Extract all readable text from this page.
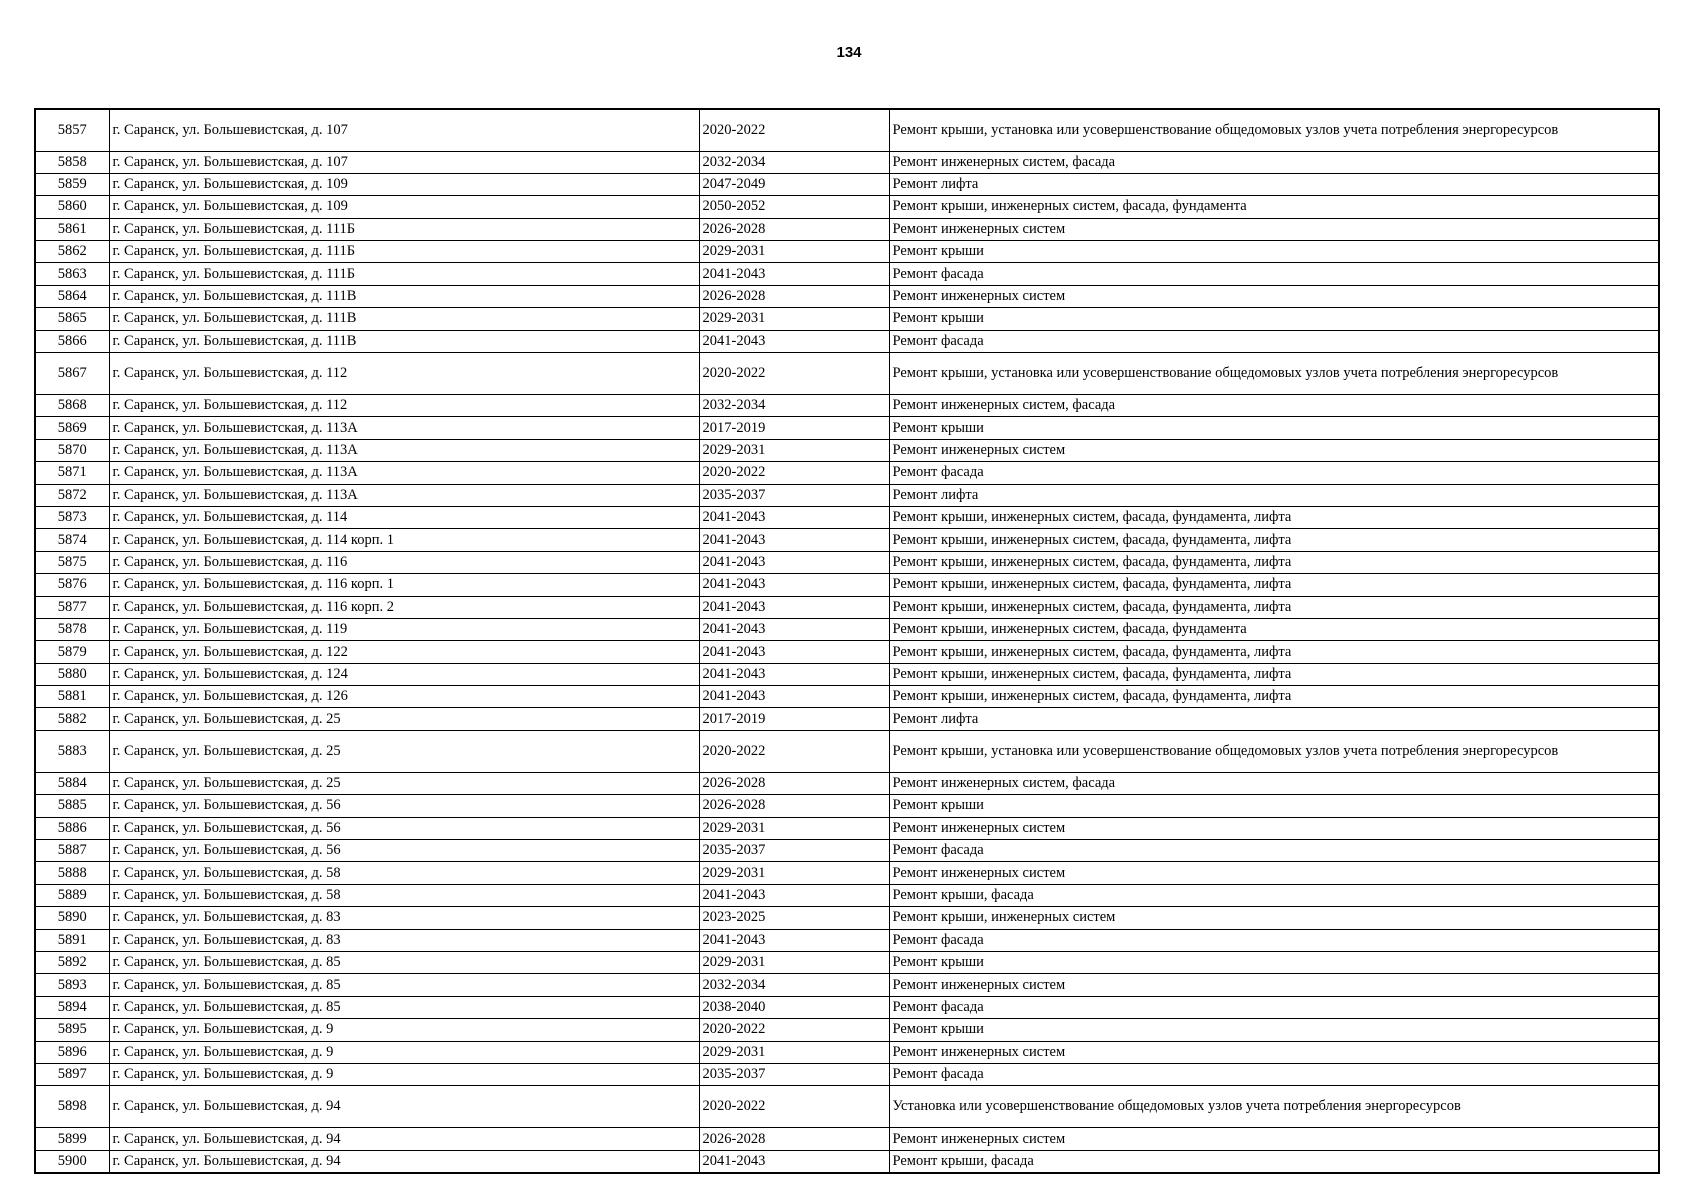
134
5857	г. Саранск, ул. Большевистская, д. 107	2020-2022	Ремонт крыши, установка или усовершенствование общедомовых узлов учета потребления энергоресурсов
5858	г. Саранск, ул. Большевистская, д. 107	2032-2034	Ремонт инженерных систем, фасада
5859	г. Саранск, ул. Большевистская, д. 109	2047-2049	Ремонт лифта
5860	г. Саранск, ул. Большевистская, д. 109	2050-2052	Ремонт крыши, инженерных систем, фасада, фундамента
5861	г. Саранск, ул. Большевистская, д. 111Б	2026-2028	Ремонт инженерных систем
5862	г. Саранск, ул. Большевистская, д. 111Б	2029-2031	Ремонт крыши
5863	г. Саранск, ул. Большевистская, д. 111Б	2041-2043	Ремонт фасада
5864	г. Саранск, ул. Большевистская, д. 111В	2026-2028	Ремонт инженерных систем
5865	г. Саранск, ул. Большевистская, д. 111В	2029-2031	Ремонт крыши
5866	г. Саранск, ул. Большевистская, д. 111В	2041-2043	Ремонт фасада
5867	г. Саранск, ул. Большевистская, д. 112	2020-2022	Ремонт крыши, установка или усовершенствование общедомовых узлов учета потребления энергоресурсов
5868	г. Саранск, ул. Большевистская, д. 112	2032-2034	Ремонт инженерных систем, фасада
5869	г. Саранск, ул. Большевистская, д. 113А	2017-2019	Ремонт крыши
5870	г. Саранск, ул. Большевистская, д. 113А	2029-2031	Ремонт инженерных систем
5871	г. Саранск, ул. Большевистская, д. 113А	2020-2022	Ремонт фасада
5872	г. Саранск, ул. Большевистская, д. 113А	2035-2037	Ремонт лифта
5873	г. Саранск, ул. Большевистская, д. 114	2041-2043	Ремонт крыши, инженерных систем, фасада, фундамента, лифта
5874	г. Саранск, ул. Большевистская, д. 114 корп. 1	2041-2043	Ремонт крыши, инженерных систем, фасада, фундамента, лифта
5875	г. Саранск, ул. Большевистская, д. 116	2041-2043	Ремонт крыши, инженерных систем, фасада, фундамента, лифта
5876	г. Саранск, ул. Большевистская, д. 116 корп. 1	2041-2043	Ремонт крыши, инженерных систем, фасада, фундамента, лифта
5877	г. Саранск, ул. Большевистская, д. 116 корп. 2	2041-2043	Ремонт крыши, инженерных систем, фасада, фундамента, лифта
5878	г. Саранск, ул. Большевистская, д. 119	2041-2043	Ремонт крыши, инженерных систем, фасада, фундамента
5879	г. Саранск, ул. Большевистская, д. 122	2041-2043	Ремонт крыши, инженерных систем, фасада, фундамента, лифта
5880	г. Саранск, ул. Большевистская, д. 124	2041-2043	Ремонт крыши, инженерных систем, фасада, фундамента, лифта
5881	г. Саранск, ул. Большевистская, д. 126	2041-2043	Ремонт крыши, инженерных систем, фасада, фундамента, лифта
5882	г. Саранск, ул. Большевистская, д. 25	2017-2019	Ремонт лифта
5883	г. Саранск, ул. Большевистская, д. 25	2020-2022	Ремонт крыши, установка или усовершенствование общедомовых узлов учета потребления энергоресурсов
5884	г. Саранск, ул. Большевистская, д. 25	2026-2028	Ремонт инженерных систем, фасада
5885	г. Саранск, ул. Большевистская, д. 56	2026-2028	Ремонт крыши
5886	г. Саранск, ул. Большевистская, д. 56	2029-2031	Ремонт инженерных систем
5887	г. Саранск, ул. Большевистская, д. 56	2035-2037	Ремонт фасада
5888	г. Саранск, ул. Большевистская, д. 58	2029-2031	Ремонт инженерных систем
5889	г. Саранск, ул. Большевистская, д. 58	2041-2043	Ремонт крыши, фасада
5890	г. Саранск, ул. Большевистская, д. 83	2023-2025	Ремонт крыши, инженерных систем
5891	г. Саранск, ул. Большевистская, д. 83	2041-2043	Ремонт фасада
5892	г. Саранск, ул. Большевистская, д. 85	2029-2031	Ремонт крыши
5893	г. Саранск, ул. Большевистская, д. 85	2032-2034	Ремонт инженерных систем
5894	г. Саранск, ул. Большевистская, д. 85	2038-2040	Ремонт фасада
5895	г. Саранск, ул. Большевистская, д. 9	2020-2022	Ремонт крыши
5896	г. Саранск, ул. Большевистская, д. 9	2029-2031	Ремонт инженерных систем
5897	г. Саранск, ул. Большевистская, д. 9	2035-2037	Ремонт фасада
5898	г. Саранск, ул. Большевистская, д. 94	2020-2022	Установка или усовершенствование общедомовых узлов учета потребления энергоресурсов
5899	г. Саранск, ул. Большевистская, д. 94	2026-2028	Ремонт инженерных систем
5900	г. Саранск, ул. Большевистская, д. 94	2041-2043	Ремонт крыши, фасада
